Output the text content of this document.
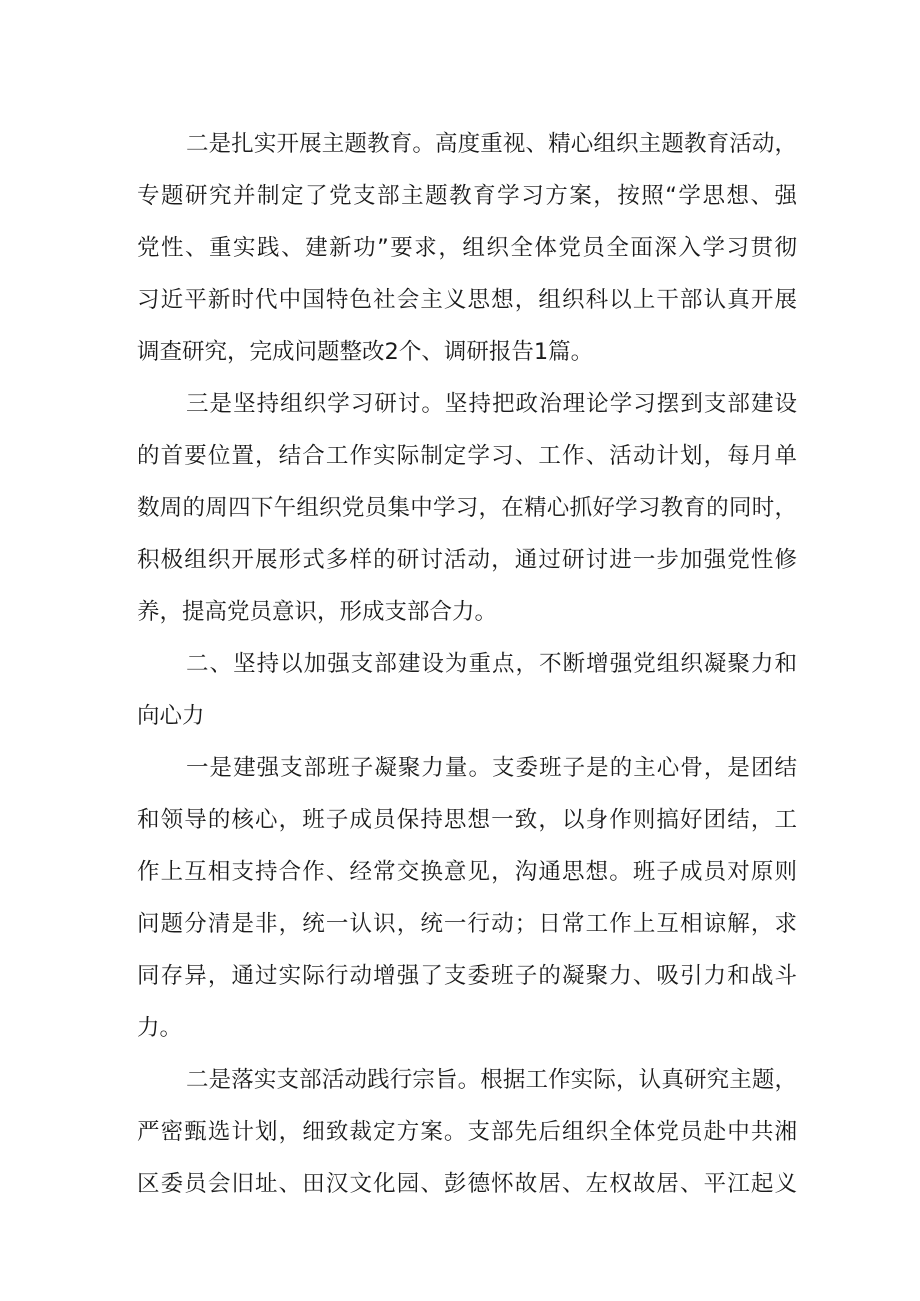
二是扎实开展主题教育。高度重视、精心组织主题教育活动，
专题研究并制定了党支部主题教育学习方案，按照“学思想、强
党性、重实践、建新功”要求，组织全体党员全面深入学习贯彻
习近平新时代中国特色社会主义思想，组织科以上干部认真开展
调查研究，完成问题整改2个、调研报告1篇。
三是坚持组织学习研讨。坚持把政治理论学习摆到支部建设
的首要位置，结合工作实际制定学习、工作、活动计划，每月单
数周的周四下午组织党员集中学习，在精心抓好学习教育的同时，
积极组织开展形式多样的研讨活动，通过研讨进一步加强党性修
养，提高党员意识，形成支部合力。
二、坚持以加强支部建设为重点，不断增强党组织凝聚力和
向心力
一是建强支部班子凝聚力量。支委班子是的主心骨，是团结
和领导的核心，班子成员保持思想一致，以身作则搞好团结，工
作上互相支持合作、经常交换意见，沟通思想。班子成员对原则
问题分清是非，统一认识，统一行动；日常工作上互相谅解，求
同存异，通过实际行动增强了支委班子的凝聚力、吸引力和战斗
力。
二是落实支部活动践行宗旨。根据工作实际，认真研究主题，
严密甄选计划，细致裁定方案。支部先后组织全体党员赴中共湘
区委员会旧址、田汉文化园、彭德怀故居、左权故居、平江起义
